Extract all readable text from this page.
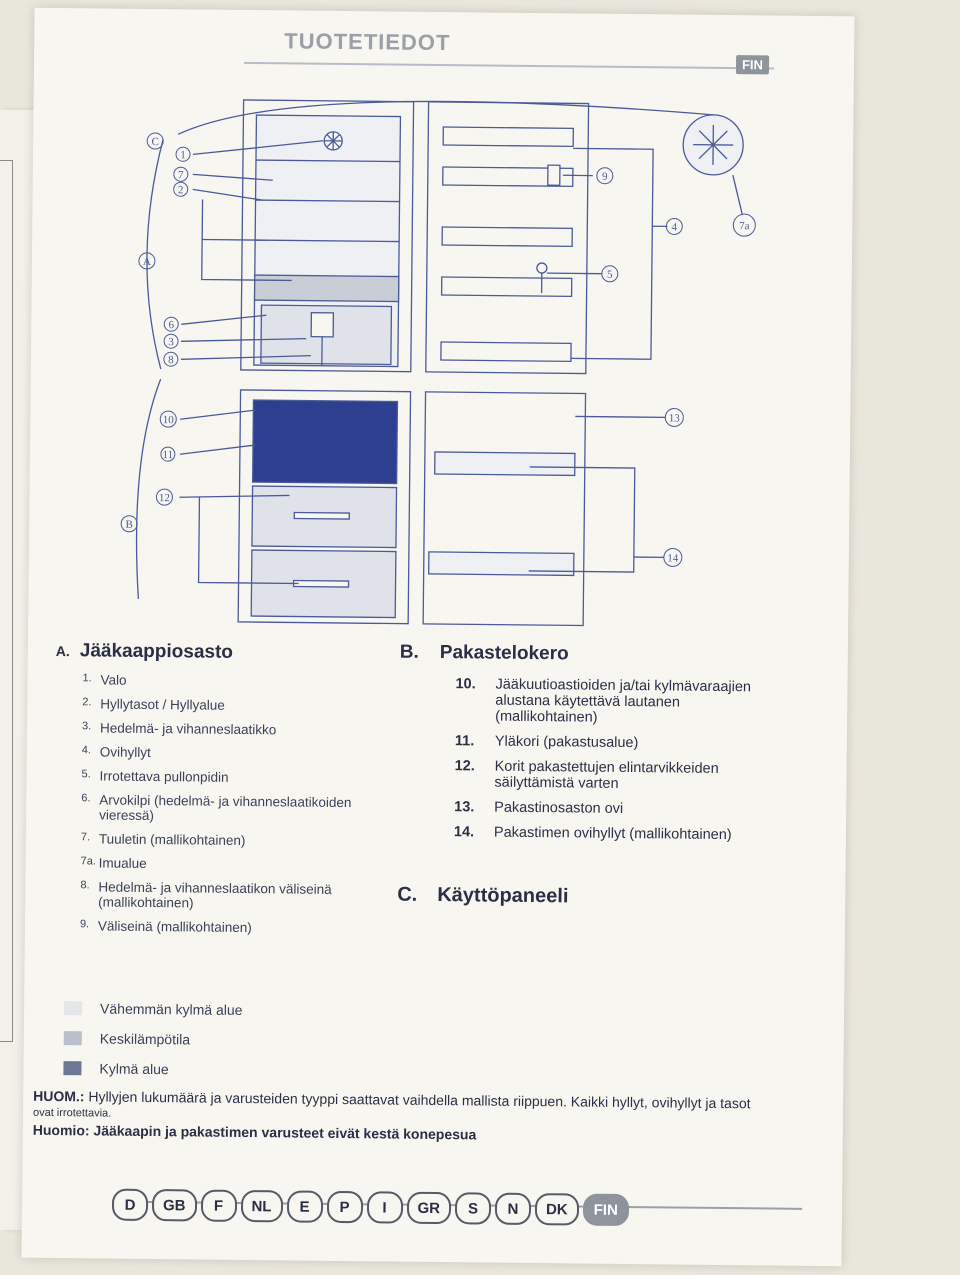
TUOTETIEDOT
FIN
C
1
7
2
A
6
3
8
10
11
12
B
9
4
5
13
14
7a
A. Jääkaappiosasto
1. Valo
2. Hyllytasot / Hyllyalue
3. Hedelmä- ja vihanneslaatikko
4. Ovihyllyt
5. Irrotettava pullonpidin
6. Arvokilpi (hedelmä- ja vihanneslaatikoiden vieressä)
7. Tuuletin (mallikohtainen)
7a. Imualue
8. Hedelmä- ja vihanneslaatikon väliseinä (mallikohtainen)
9. Väliseinä (mallikohtainen)
B. Pakastelokero
10.	Jääkuutioastioiden ja/tai kylmävaraajien alustana käytettävä lautanen (mallikohtainen)
11.	Yläkori (pakastusalue)
12.	Korit pakastettujen elintarvikkeiden säilyttämistä varten
13.	Pakastinosaston ovi
14.	Pakastimen ovihyllyt (mallikohtainen)
C. Käyttöpaneeli
Vähemmän kylmä alue
Keskilämpötila
Kylmä alue
HUOM.: Hyllyjen lukumäärä ja varusteiden tyyppi saattavat vaihdella mallista riippuen. Kaikki hyllyt, ovihyllyt ja tasot
ovat irrotettavia.
Huomio: Jääkaapin ja pakastimen varusteet eivät kestä konepesua
D	GB	F	NL	E	P	I	GR	S	N	DK	FIN
